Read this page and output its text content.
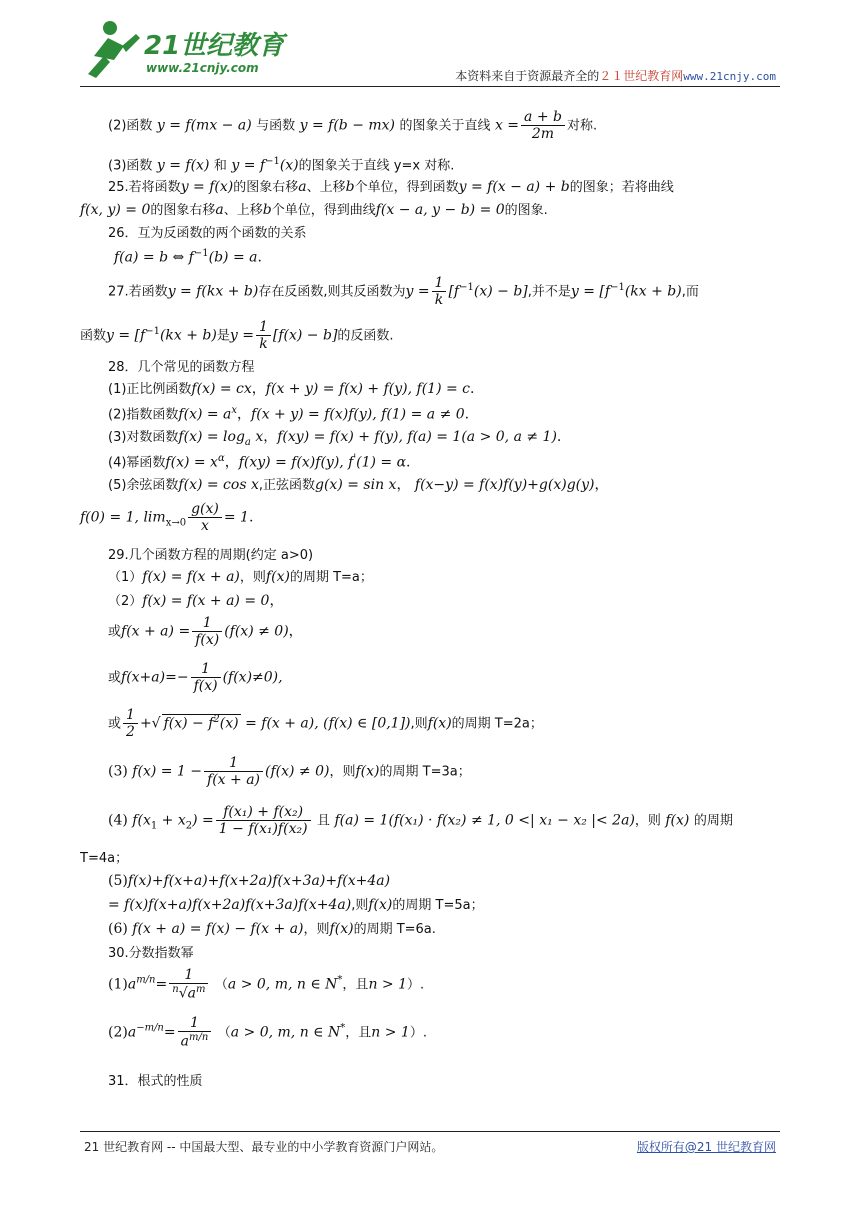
21世纪教育
www.21cnjy.com
本资料来自于资源最齐全的２１世纪教育网www.21cnjy.com
(2)函数 y = f(mx − a) 与函数 y = f(b − mx) 的图象关于直线 $x = \frac{a + b}{2m}$ 对称.
(3)函数 y = f(x) 和 $y = f^{-1}(x)$的图象关于直线 y=x 对称.
25.若将函数y = f(x)的图象右移a、上移b个单位，得到函数y = f(x − a) + b的图象；若将曲线
f(x, y) = 0的图象右移a、上移b个单位，得到曲线f(x − a, y − b) = 0的图象.
26．互为反函数的两个函数的关系
f(a) = b ⇔ $f^{-1}(b) = a$.
27.若函数y = f(kx + b)存在反函数,则其反函数为$y = \frac{1}{k} [f^{-1}(x) - b]$,并不是$y = [f^{-1}(kx + b)$,而
函数$y = [f^{-1}(kx + b)$是$y = \frac{1}{k} [f(x) - b]$的反函数.
28．几个常见的函数方程
(1)正比例函数f(x) = cx，f(x + y) = f(x) + f(y), f(1) = c.
(2)指数函数$f(x) = a^x$，f(x + y) = f(x)f(y), f(1) = a ≠ 0.
(3)对数函数$f(x) = \log_a x$，f(xy) = f(x) + f(y), f(a) = 1(a > 0, a ≠ 1).
(4)幂函数$f(x) = x^\alpha$，f(xy) = f(x)f(y), f'(1) = α.
(5)余弦函数f(x) = cos x,正弦函数g(x) = sin x， f(x−y) = f(x)f(y)+g(x)g(y)，
f(0) = 1, $\lim_{x\to 0} \frac{g(x)}{x} = 1$.
29.几个函数方程的周期(约定 a>0)
（1）f(x) = f(x + a)，则f(x)的周期 T=a；
（2）f(x) = f(x + a) = 0，
或$f(x + a) = \frac{1}{f(x)} (f(x) \ne 0)$，
或$f(x+a)=- \frac{1}{f(x)} (f(x)\ne 0)$,
或 $\frac{1}{2}$ +√ $f(x) - f^2(x) = f(x + a)$, (f(x) ∈ [0,1]),则f(x)的周期 T=2a；
(3) $f(x) = 1 - \frac{1}{f(x + a)} (f(x) \ne 0)$，则f(x)的周期 T=3a；
(4) $f(x_1 + x_2) = \frac{\text{f(x₁) + f(x₂)}}{\text{1 − f(x₁)f(x₂)}}$ 且 f(a) = 1(f(x₁) · f(x₂) ≠ 1, 0 <| x₁ − x₂ |< 2a)，则 f(x) 的周期
T=4a；
(5)f(x)+f(x+a)+f(x+2a)f(x+3a)+f(x+4a)
= f(x)f(x+a)f(x+2a)f(x+3a)f(x+4a),则f(x)的周期 T=5a；
(6) f(x + a) = f(x) − f(x + a)，则f(x)的周期 T=6a.
30.分数指数幂
$(1)a^{m/n}= \frac{1}{^n√a^m} (a > 0$, m, n ∈ N*，且n > 1）.
$(2)a^{-m/n}= \frac{1}{a^{m/n}} (a > 0$, m, n ∈ N*，且n > 1）.
31．根式的性质
21 世纪教育网 -- 中国最大型、最专业的中小学教育资源门户网站。	版权所有@21 世纪教育网
